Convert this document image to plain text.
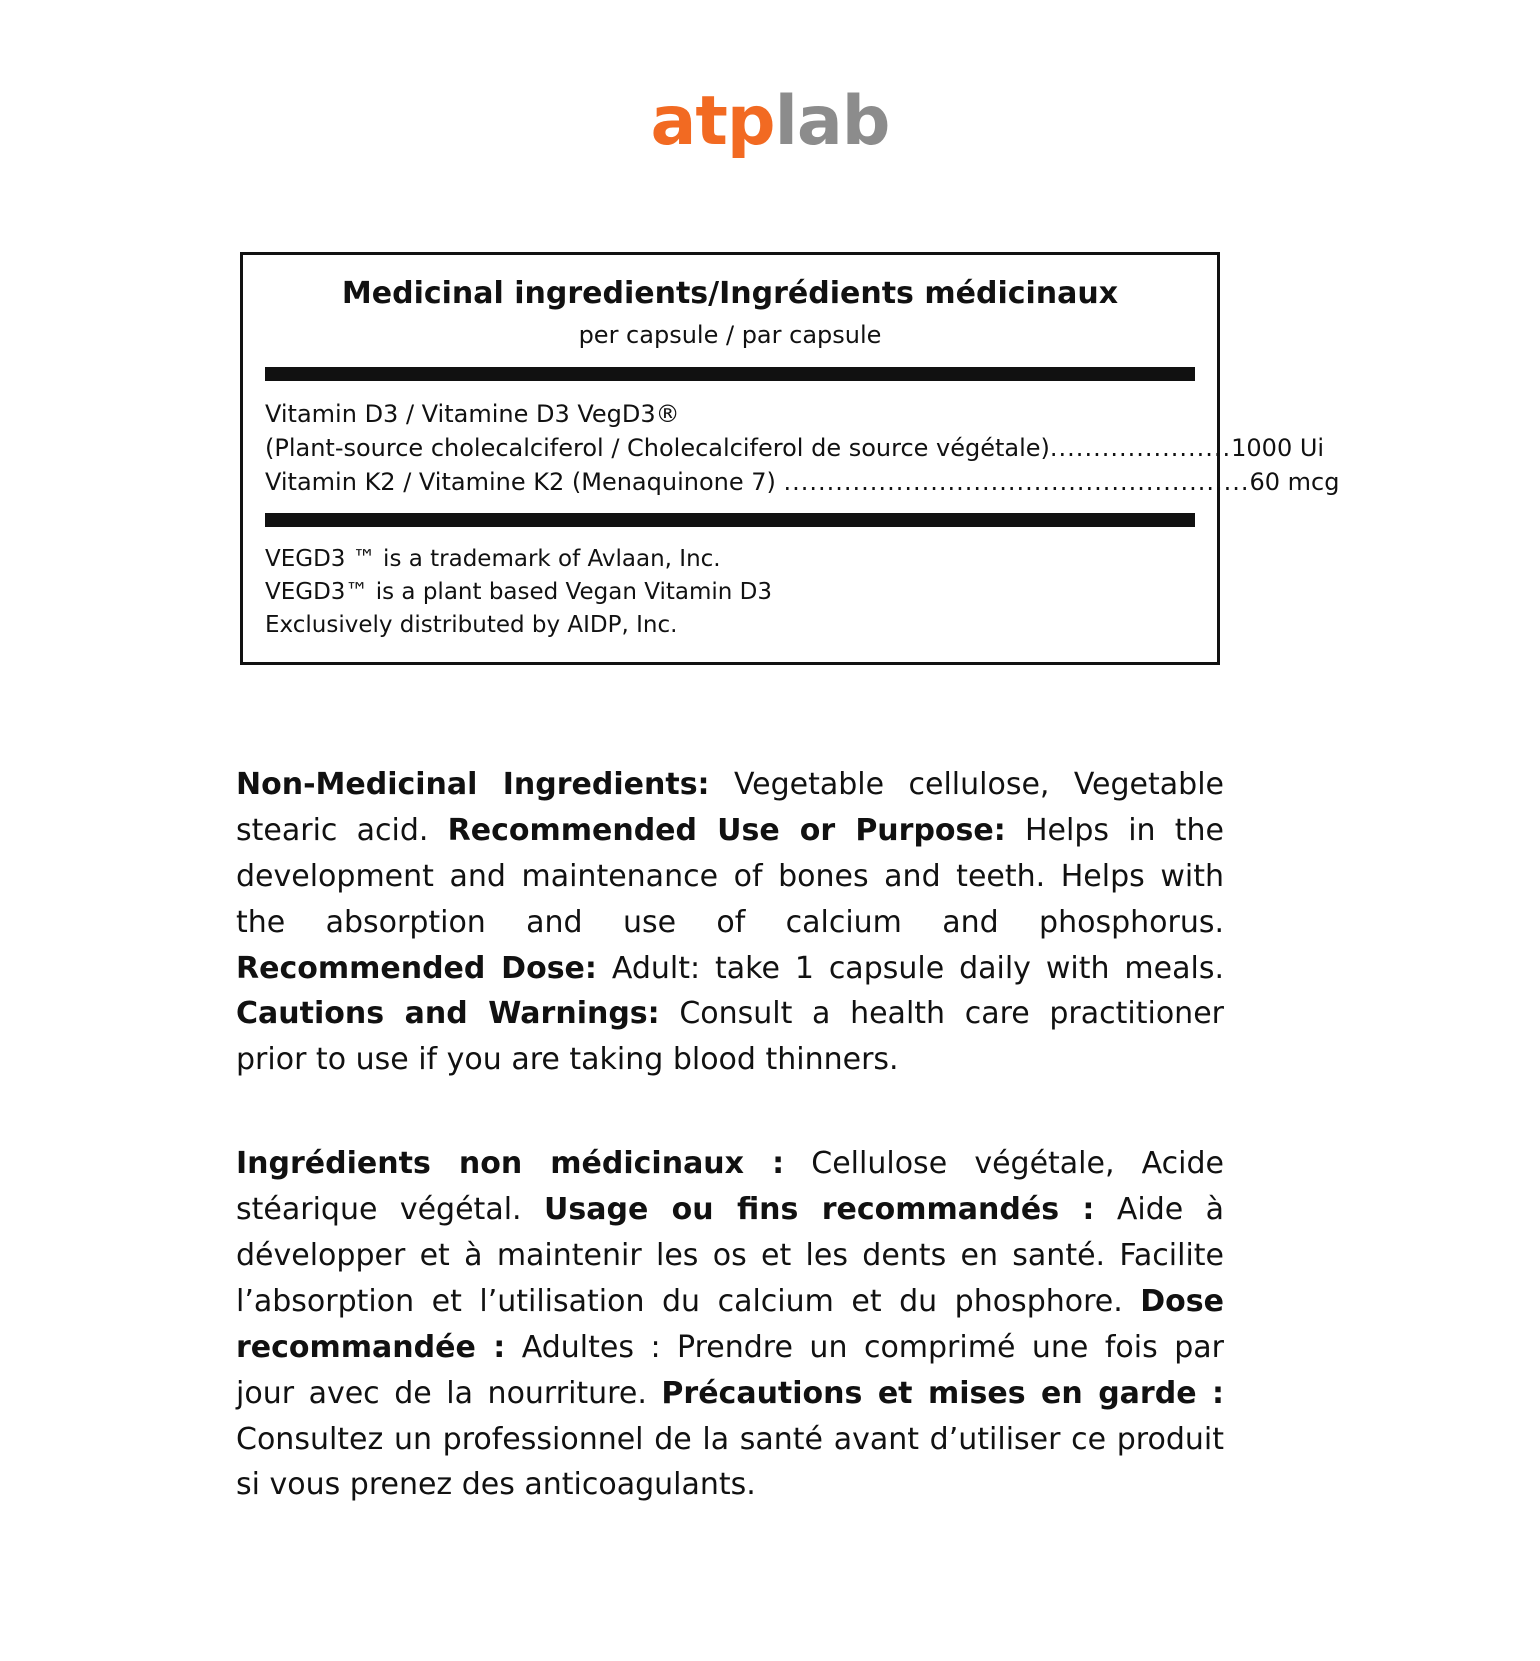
atplab
Medicinal ingredients/Ingrédients médicinaux
per capsule / par capsule
Vitamin D3 / Vitamine D3 VegD3®
(Plant-source cholecalciferol / Cholecalciferol de source végétale).....................1000 Ui
Vitamin K2 / Vitamine K2 (Menaquinone 7) ......................................................60 mcg
VEGD3 ™ is a trademark of Avlaan, Inc.
VEGD3™ is a plant based Vegan Vitamin D3
Exclusively distributed by AIDP, Inc.

Non-Medicinal Ingredients: Vegetable cellulose, Vegetable stearic acid. Recommended Use or Purpose: Helps in the development and maintenance of bones and teeth. Helps with the absorption and use of calcium and phosphorus. Recommended Dose: Adult: take 1 capsule daily with meals. Cautions and Warnings: Consult a health care practitioner prior to use if you are taking blood thinners.

Ingrédients non médicinaux : Cellulose végétale, Acide stéarique végétal. Usage ou fins recommandés : Aide à développer et à maintenir les os et les dents en santé. Facilite l’absorption et l’utilisation du calcium et du phosphore. Dose recommandée : Adultes : Prendre un comprimé une fois par jour avec de la nourriture. Précautions et mises en garde : Consultez un professionnel de la santé avant d’utiliser ce produit si vous prenez des anticoagulants.
